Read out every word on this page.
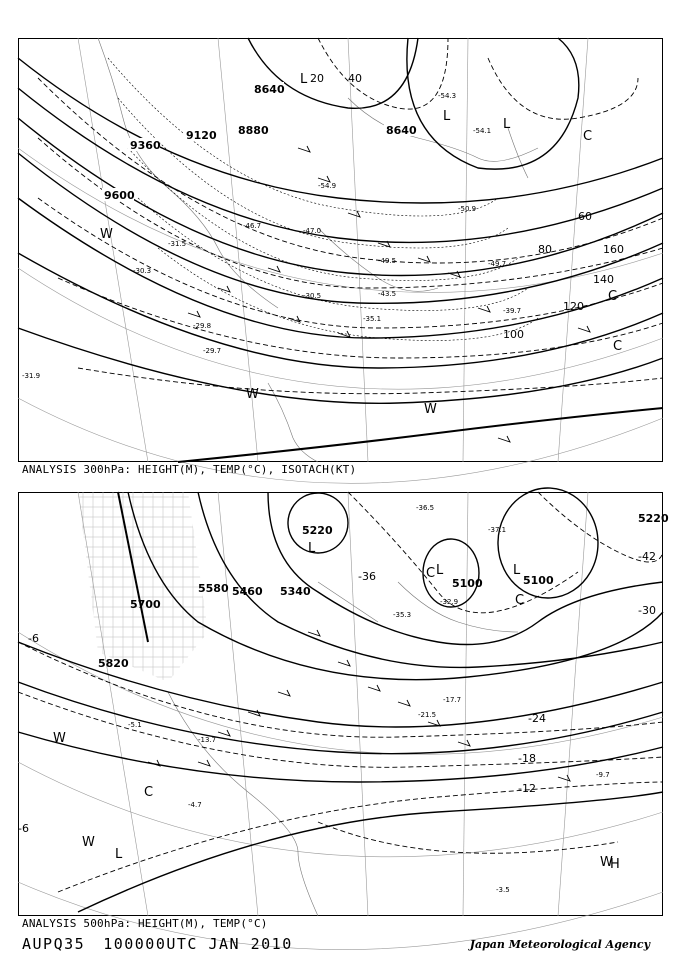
8640
9120 8880
9360
9600
8640
20 40
60
80
100
120
140
160
-54.3
-54.1
-54.9
-50.9
-49.7
-49.5
-47.0
-46.7
-43.5
-39.7
-35.1
-31.5
-29.7
-29.8
-31.9
-30.3
-30.5
L
L
L
W
W
W
C
C
C
ANALYSIS 300hPa: HEIGHT(M), TEMP(°C), ISOTACH(KT)
5220
5460 5340
5580
5700
5820
5100	5100
5220
-6
-12
-18
-24
-30
-36
-42
-6
-36.5
-37.1
-32.9
-35.3
-17.7
-21.5
-13.7
-9.7
-5.1
-4.7
-3.5
L
L	L
L
C
C
C
W
W
W
H
ANALYSIS 500hPa: HEIGHT(M), TEMP(°C)
AUPQ35 100000UTC JAN 2010	Japan Meteorological Agency
